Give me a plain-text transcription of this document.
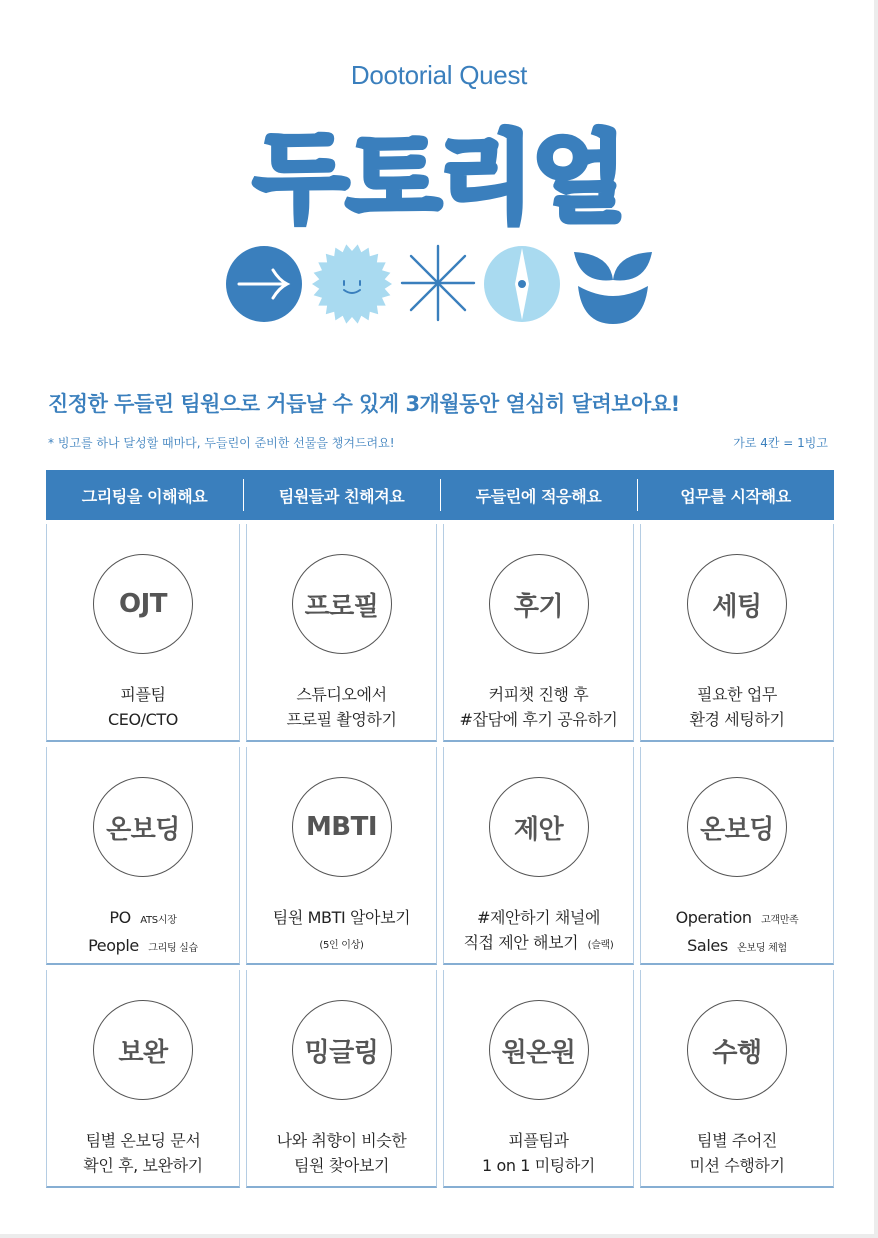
Dootorial Quest
두토리얼
진정한 두들린 팀원으로 거듭날 수 있게 3개월동안 열심히 달려보아요!
* 빙고를 하나 달성할 때마다, 두들린이 준비한 선물을 챙겨드려요!	가로 4칸 = 1빙고
그리팅을 이해해요	팀원들과 친해져요	두들린에 적응해요	업무를 시작해요
OJT
피플팀
CEO/CTO
프로필
스튜디오에서
프로필 촬영하기
후기
커피챗 진행 후
#잡담에 후기 공유하기
세팅
필요한 업무
환경 세팅하기
온보딩
PO ATS시장
People 그리팅 실습
MBTI
팀원 MBTI 알아보기
(5인 이상)
제안
#제안하기 채널에
직접 제안 해보기 (슬랙)
온보딩
Operation 고객만족
Sales 온보딩 체험
보완
팀별 온보딩 문서
확인 후, 보완하기
밍글링
나와 취향이 비슷한
팀원 찾아보기
원온원
피플팀과
1 on 1 미팅하기
수행
팀별 주어진
미션 수행하기
